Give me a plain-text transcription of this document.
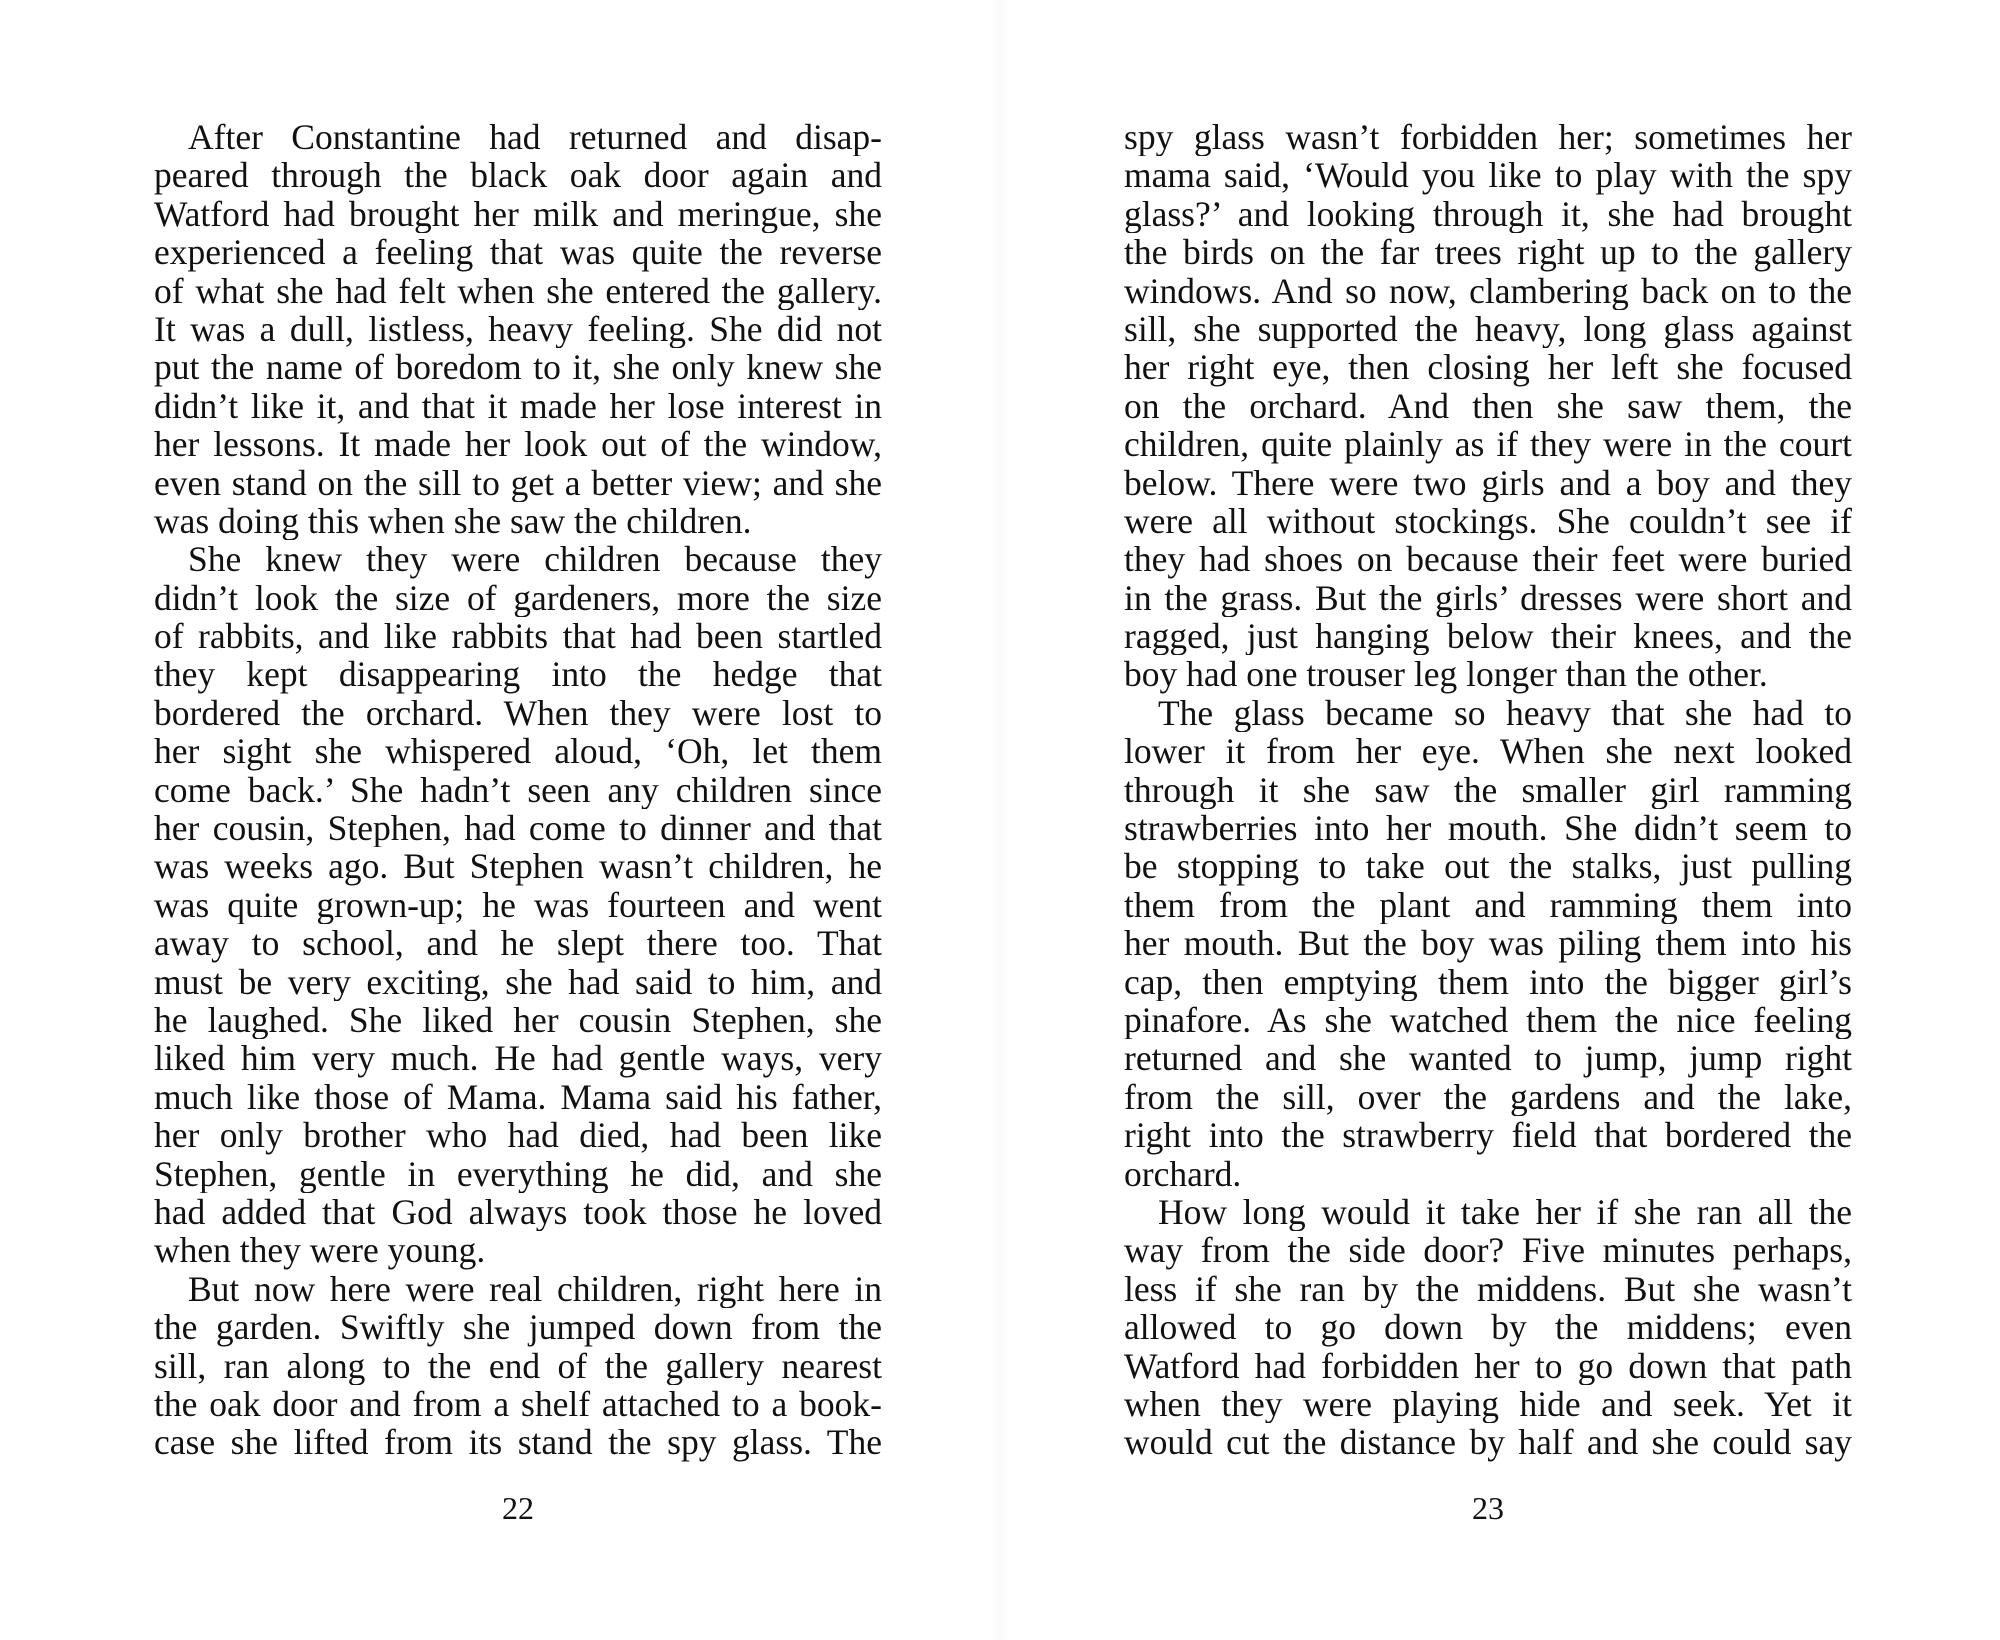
After Constantine had returned and disap-
peared through the black oak door again and
Watford had brought her milk and meringue, she
experienced a feeling that was quite the reverse
of what she had felt when she entered the gallery.
It was a dull, listless, heavy feeling. She did not
put the name of boredom to it, she only knew she
didn’t like it, and that it made her lose interest in
her lessons. It made her look out of the window,
even stand on the sill to get a better view; and she
was doing this when she saw the children.
She knew they were children because they
didn’t look the size of gardeners, more the size
of rabbits, and like rabbits that had been startled
they kept disappearing into the hedge that
bordered the orchard. When they were lost to
her sight she whispered aloud, ‘Oh, let them
come back.’ She hadn’t seen any children since
her cousin, Stephen, had come to dinner and that
was weeks ago. But Stephen wasn’t children, he
was quite grown-up; he was fourteen and went
away to school, and he slept there too. That
must be very exciting, she had said to him, and
he laughed. She liked her cousin Stephen, she
liked him very much. He had gentle ways, very
much like those of Mama. Mama said his father,
her only brother who had died, had been like
Stephen, gentle in everything he did, and she
had added that God always took those he loved
when they were young.
But now here were real children, right here in
the garden. Swiftly she jumped down from the
sill, ran along to the end of the gallery nearest
the oak door and from a shelf attached to a book-
case she lifted from its stand the spy glass. The
22
spy glass wasn’t forbidden her; sometimes her
mama said, ‘Would you like to play with the spy
glass?’ and looking through it, she had brought
the birds on the far trees right up to the gallery
windows. And so now, clambering back on to the
sill, she supported the heavy, long glass against
her right eye, then closing her left she focused
on the orchard. And then she saw them, the
children, quite plainly as if they were in the court
below. There were two girls and a boy and they
were all without stockings. She couldn’t see if
they had shoes on because their feet were buried
in the grass. But the girls’ dresses were short and
ragged, just hanging below their knees, and the
boy had one trouser leg longer than the other.
The glass became so heavy that she had to
lower it from her eye. When she next looked
through it she saw the smaller girl ramming
strawberries into her mouth. She didn’t seem to
be stopping to take out the stalks, just pulling
them from the plant and ramming them into
her mouth. But the boy was piling them into his
cap, then emptying them into the bigger girl’s
pinafore. As she watched them the nice feeling
returned and she wanted to jump, jump right
from the sill, over the gardens and the lake,
right into the strawberry field that bordered the
orchard.
How long would it take her if she ran all the
way from the side door? Five minutes perhaps,
less if she ran by the middens. But she wasn’t
allowed to go down by the middens; even
Watford had forbidden her to go down that path
when they were playing hide and seek. Yet it
would cut the distance by half and she could say
23
